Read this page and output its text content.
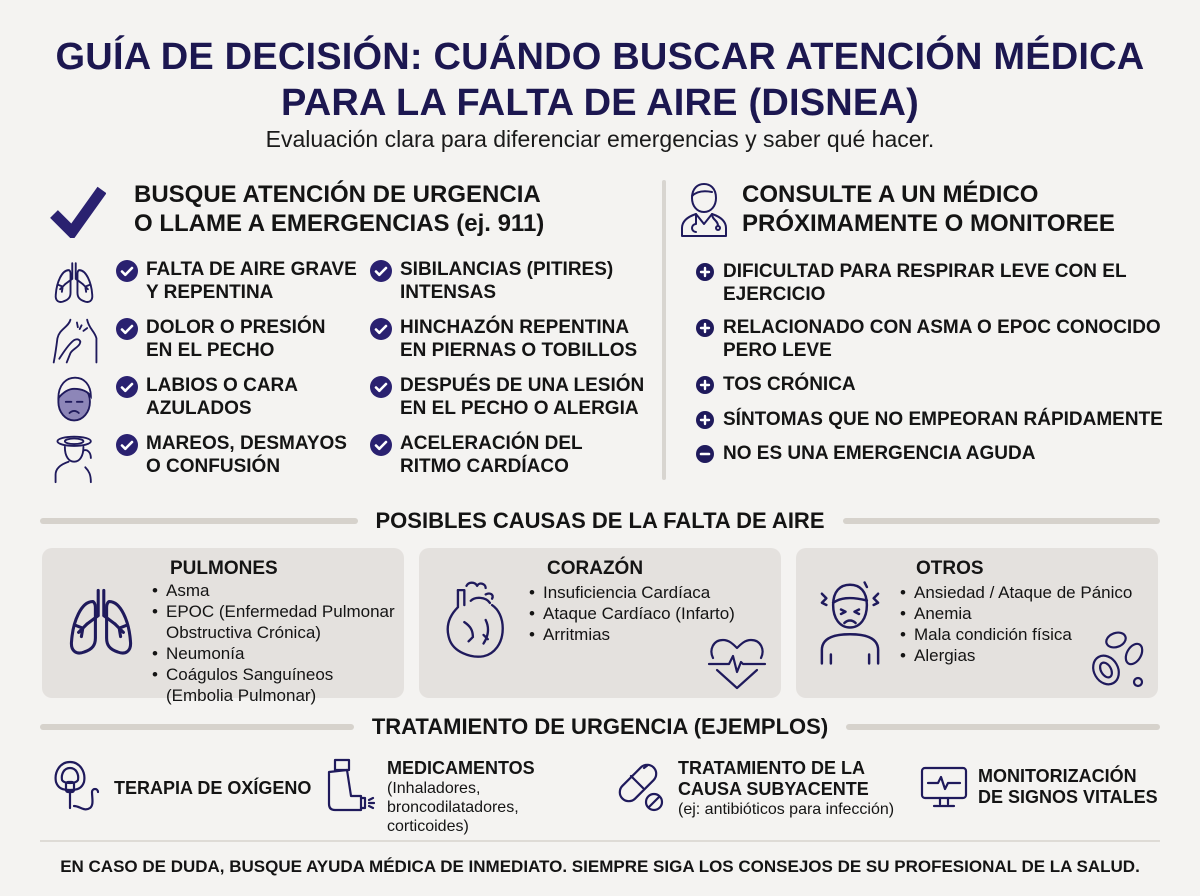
GUÍA DE DECISIÓN: CUÁNDO BUSCAR ATENCIÓN MÉDICA
PARA LA FALTA DE AIRE (DISNEA)
Evaluación clara para diferenciar emergencias y saber qué hacer.
BUSQUE ATENCIÓN DE URGENCIA
O LLAME A EMERGENCIAS (ej. 911)
FALTA DE AIRE GRAVE
Y REPENTINA
SIBILANCIAS (PITIRES)
INTENSAS
DOLOR O PRESIÓN
EN EL PECHO
HINCHAZÓN REPENTINA
EN PIERNAS O TOBILLOS
LABIOS O CARA
AZULADOS
DESPUÉS DE UNA LESIÓN
EN EL PECHO O ALERGIA
MAREOS, DESMAYOS
O CONFUSIÓN
ACELERACIÓN DEL
RITMO CARDÍACO
CONSULTE A UN MÉDICO
PRÓXIMAMENTE O MONITOREE
DIFICULTAD PARA RESPIRAR LEVE CON EL
EJERCICIO
RELACIONADO CON ASMA O EPOC CONOCIDO
PERO LEVE
TOS CRÓNICA
SÍNTOMAS QUE NO EMPEORAN RÁPIDAMENTE
NO ES UNA EMERGENCIA AGUDA
POSIBLES CAUSAS DE LA FALTA DE AIRE
PULMONES
• Asma
• EPOC (Enfermedad Pulmonar Obstructiva Crónica)
• Neumonía
• Coágulos Sanguíneos (Embolia Pulmonar)
CORAZÓN
• Insuficiencia Cardíaca
• Ataque Cardíaco (Infarto)
• Arritmias
OTROS
• Ansiedad / Ataque de Pánico
• Anemia
• Mala condición física
• Alergias
TRATAMIENTO DE URGENCIA (EJEMPLOS)
TERAPIA DE OXÍGENO
MEDICAMENTOS
(Inhaladores,
broncodilatadores,
corticoides)
TRATAMIENTO DE LA
CAUSA SUBYACENTE
(ej: antibióticos para infección)
MONITORIZACIÓN
DE SIGNOS VITALES
EN CASO DE DUDA, BUSQUE AYUDA MÉDICA DE INMEDIATO. SIEMPRE SIGA LOS CONSEJOS DE SU PROFESIONAL DE LA SALUD.
